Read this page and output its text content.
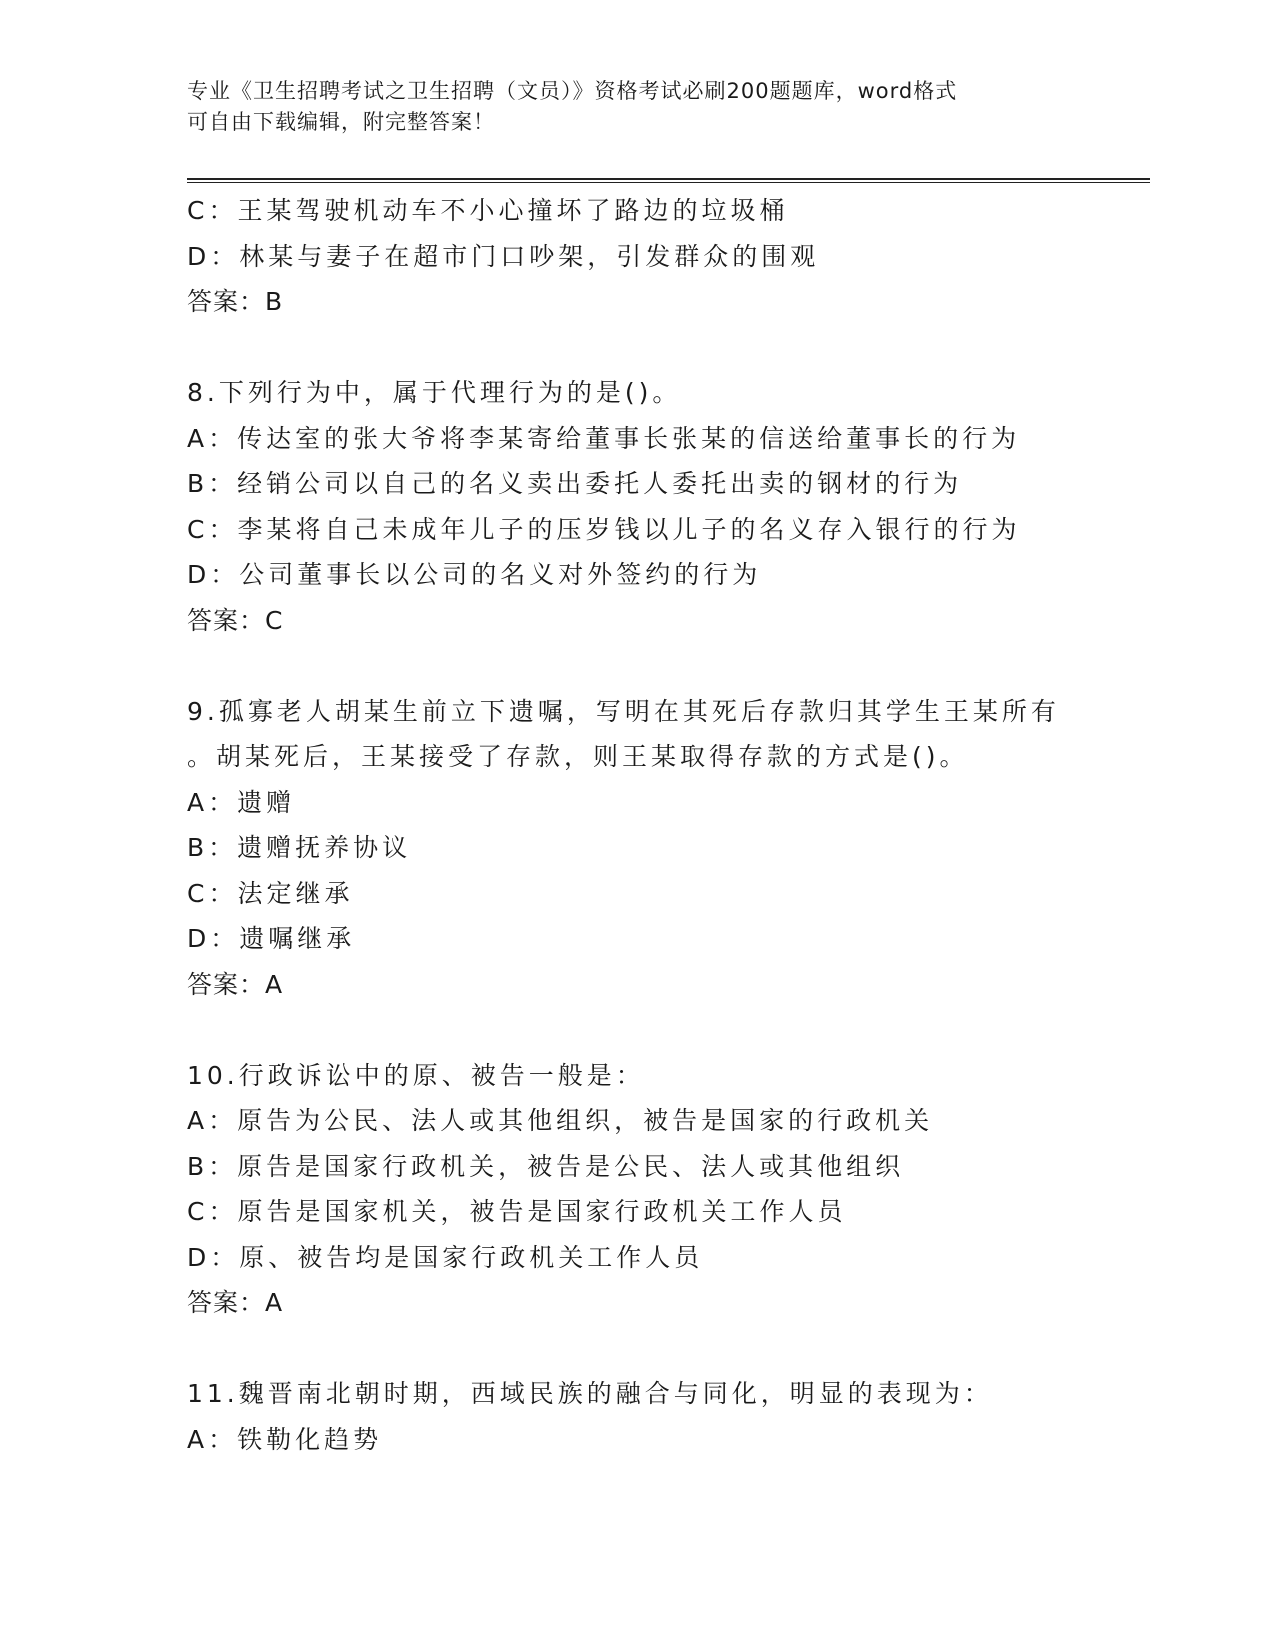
专业《卫生招聘考试之卫生招聘（文员）》资格考试必刷200题题库，word格式
可自由下载编辑，附完整答案！
C：王某驾驶机动车不小心撞坏了路边的垃圾桶
D：林某与妻子在超市门口吵架，引发群众的围观
答案：B
8.下列行为中，属于代理行为的是()。
A：传达室的张大爷将李某寄给董事长张某的信送给董事长的行为
B：经销公司以自己的名义卖出委托人委托出卖的钢材的行为
C：李某将自己未成年儿子的压岁钱以儿子的名义存入银行的行为
D：公司董事长以公司的名义对外签约的行为
答案：C
9.孤寡老人胡某生前立下遗嘱，写明在其死后存款归其学生王某所有
。胡某死后，王某接受了存款，则王某取得存款的方式是()。
A：遗赠
B：遗赠抚养协议
C：法定继承
D：遗嘱继承
答案：A
10.行政诉讼中的原、被告一般是：
A：原告为公民、法人或其他组织，被告是国家的行政机关
B：原告是国家行政机关，被告是公民、法人或其他组织
C：原告是国家机关，被告是国家行政机关工作人员
D：原、被告均是国家行政机关工作人员
答案：A
11.魏晋南北朝时期，西域民族的融合与同化，明显的表现为：
A：铁勒化趋势
